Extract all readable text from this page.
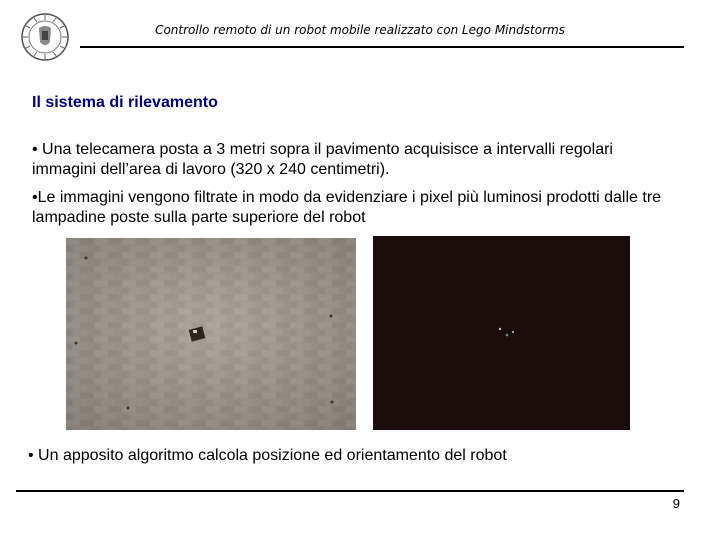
Controllo remoto di un robot mobile realizzato con Lego Mindstorms
Il sistema di rilevamento

• Una telecamera posta a 3 metri sopra il pavimento acquisisce a intervalli regolari immagini dell’area di lavoro (320 x 240 centimetri).

•Le immagini vengono filtrate in modo da evidenziare i pixel più luminosi prodotti dalle tre lampadine poste sulla parte superiore del robot

• Un apposito algoritmo calcola posizione ed orientamento del robot

9
